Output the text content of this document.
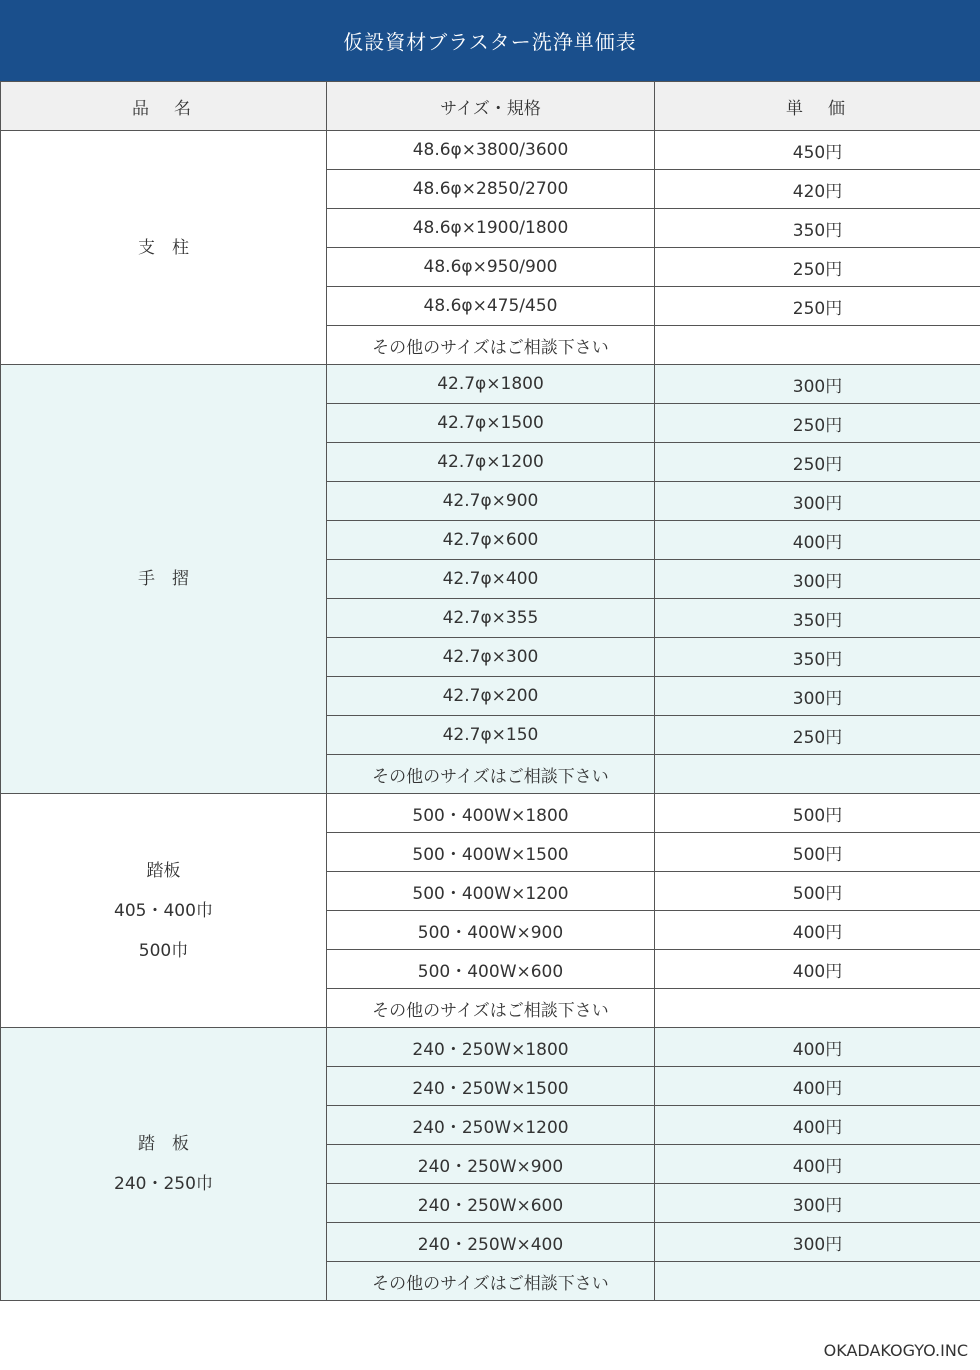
仮設資材ブラスター洗浄単価表
品　名	サイズ・規格	単　価

支　柱	48.6φ×3800/3600	450円
	48.6φ×2850/2700	420円
	48.6φ×1900/1800	350円
	48.6φ×950/900	250円
	48.6φ×475/450	250円
	その他のサイズはご相談下さい	

手　摺	42.7φ×1800	300円
	42.7φ×1500	250円
	42.7φ×1200	250円
	42.7φ×900	300円
	42.7φ×600	400円
	42.7φ×400	300円
	42.7φ×355	350円
	42.7φ×300	350円
	42.7φ×200	300円
	42.7φ×150	250円
	その他のサイズはご相談下さい	

踏板
405・400巾
500巾	500・400W×1800	500円
	500・400W×1500	500円
	500・400W×1200	500円
	500・400W×900	400円
	500・400W×600	400円
	その他のサイズはご相談下さい	

踏　板
240・250巾	240・250W×1800	400円
	240・250W×1500	400円
	240・250W×1200	400円
	240・250W×900	400円
	240・250W×600	300円
	240・250W×400	300円
	その他のサイズはご相談下さい	
OKADAKOGYO.INC
